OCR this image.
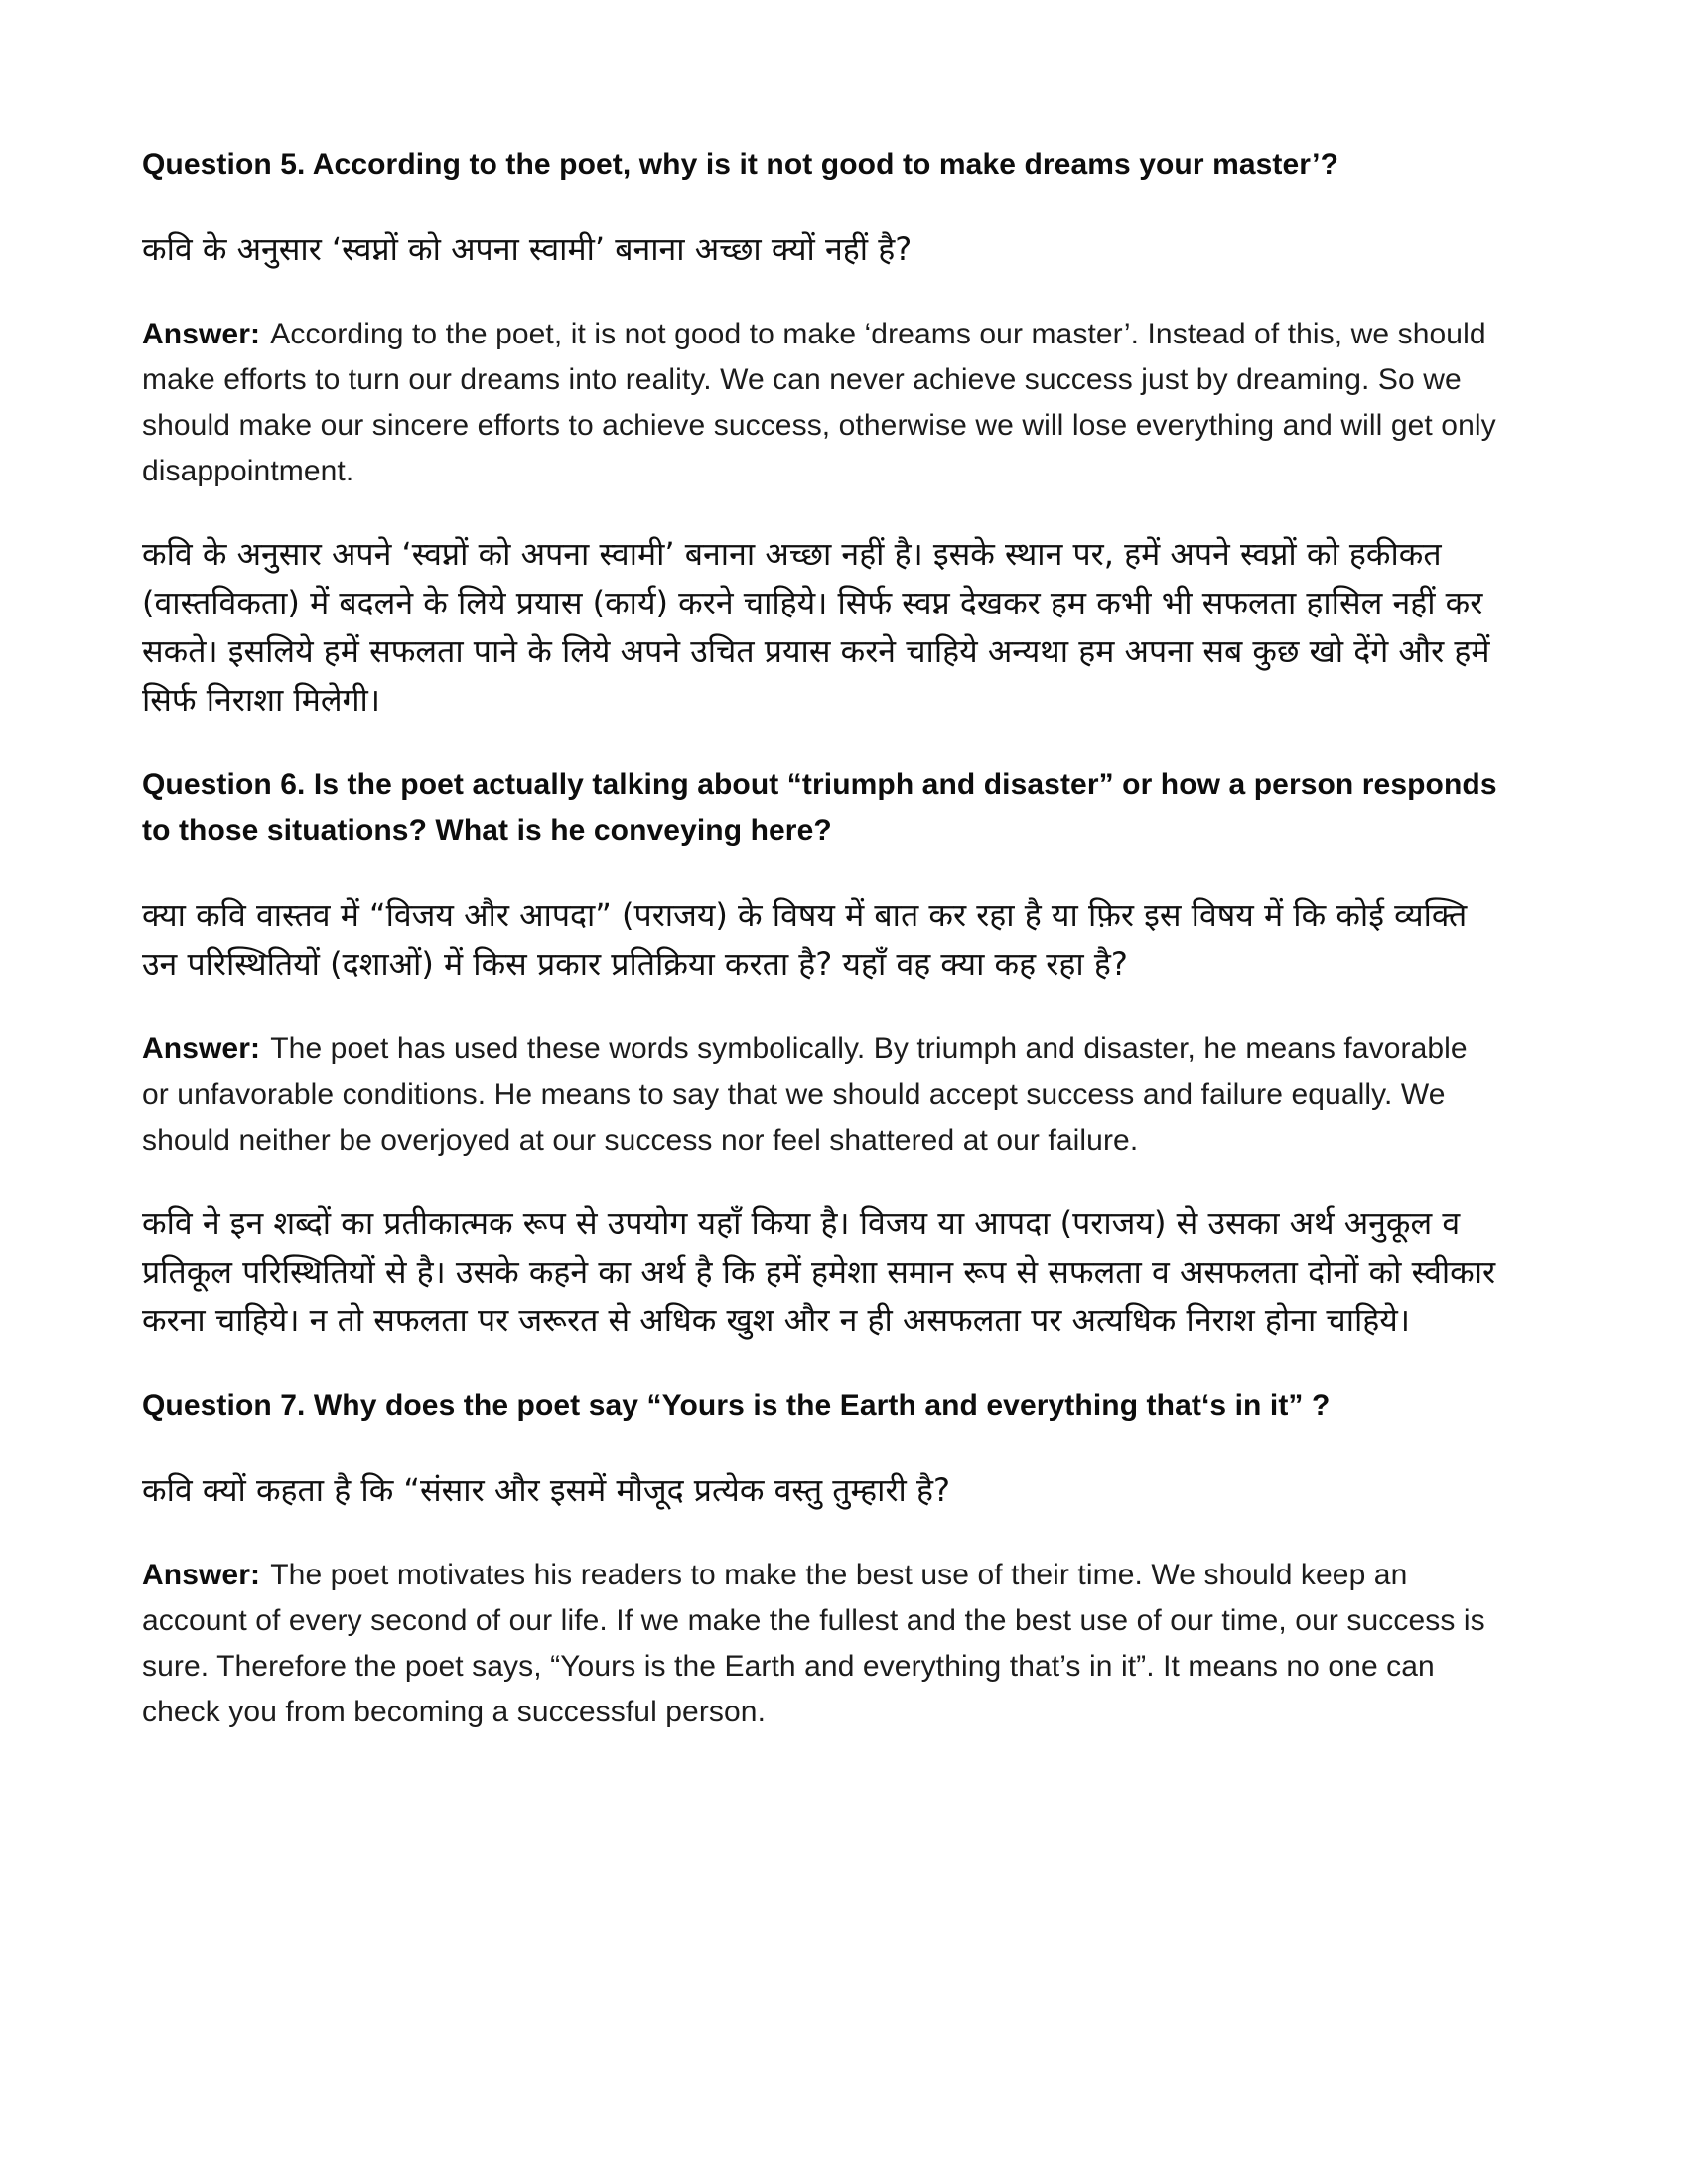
Question 5. According to the poet, why is it not good to make dreams your master’?

कवि के अनुसार ‘स्वप्नों को अपना स्वामी’ बनाना अच्छा क्यों नहीं है?

Answer: According to the poet, it is not good to make ‘dreams our master’. Instead of this, we should make efforts to turn our dreams into reality. We can never achieve success just by dreaming. So we should make our sincere efforts to achieve success, otherwise we will lose everything and will get only disappointment.

कवि के अनुसार अपने ‘स्वप्नों को अपना स्वामी’ बनाना अच्छा नहीं है। इसके स्थान पर, हमें अपने स्वप्नों को हकीकत (वास्तविकता) में बदलने के लिये प्रयास (कार्य) करने चाहिये। सिर्फ स्वप्न देखकर हम कभी भी सफलता हासिल नहीं कर सकते। इसलिये हमें सफलता पाने के लिये अपने उचित प्रयास करने चाहिये अन्यथा हम अपना सब कुछ खो देंगे और हमें सिर्फ निराशा मिलेगी।

Question 6. Is the poet actually talking about “triumph and disaster” or how a person responds to those situations? What is he conveying here?

क्या कवि वास्तव में “विजय और आपदा” (पराजय) के विषय में बात कर रहा है या फ़िर इस विषय में कि कोई व्यक्ति उन परिस्थितियों (दशाओं) में किस प्रकार प्रतिक्रिया करता है? यहाँ वह क्या कह रहा है?

Answer: The poet has used these words symbolically. By triumph and disaster, he means favorable or unfavorable conditions. He means to say that we should accept success and failure equally. We should neither be overjoyed at our success nor feel shattered at our failure.

कवि ने इन शब्दों का प्रतीकात्मक रूप से उपयोग यहाँ किया है। विजय या आपदा (पराजय) से उसका अर्थ अनुकूल व प्रतिकूल परिस्थितियों से है। उसके कहने का अर्थ है कि हमें हमेशा समान रूप से सफलता व असफलता दोनों को स्वीकार करना चाहिये। न तो सफलता पर जरूरत से अधिक खुश और न ही असफलता पर अत्यधिक निराश होना चाहिये।

Question 7. Why does the poet say “Yours is the Earth and everything that‘s in it” ?

कवि क्यों कहता है कि “संसार और इसमें मौजूद प्रत्येक वस्तु तुम्हारी है?

Answer: The poet motivates his readers to make the best use of their time. We should keep an account of every second of our life. If we make the fullest and the best use of our time, our success is sure. Therefore the poet says, “Yours is the Earth and everything that’s in it”. It means no one can check you from becoming a successful person.
